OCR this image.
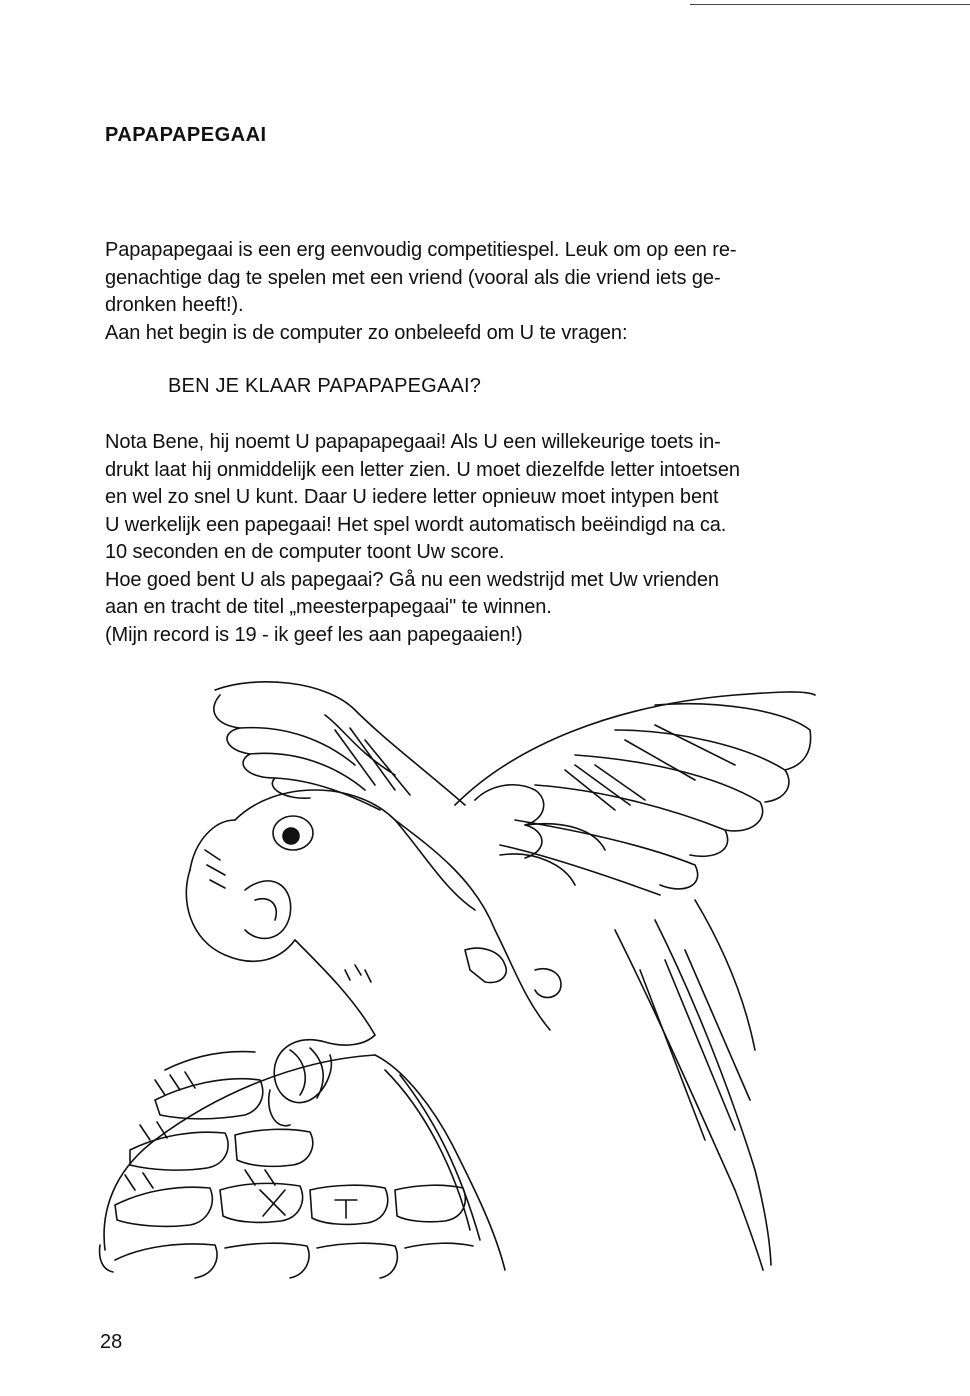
PAPAPAPEGAAI

Papapapegaai is een erg eenvoudig competitiespel. Leuk om op een re-
genachtige dag te spelen met een vriend (vooral als die vriend iets ge-
dronken heeft!).
Aan het begin is de computer zo onbeleefd om U te vragen:

BEN JE KLAAR PAPAPAPEGAAI?

Nota Bene, hij noemt U papapapegaai! Als U een willekeurige toets in-
drukt laat hij onmiddelijk een letter zien. U moet diezelfde letter intoetsen
en wel zo snel U kunt. Daar U iedere letter opnieuw moet intypen bent
U werkelijk een papegaai! Het spel wordt automatisch beëindigd na ca.
10 seconden en de computer toont Uw score.
Hoe goed bent U als papegaai? Gå nu een wedstrijd met Uw vrienden
aan en tracht de titel „meesterpapegaai" te winnen.
(Mijn record is 19 - ik geef les aan papegaaien!)

28
